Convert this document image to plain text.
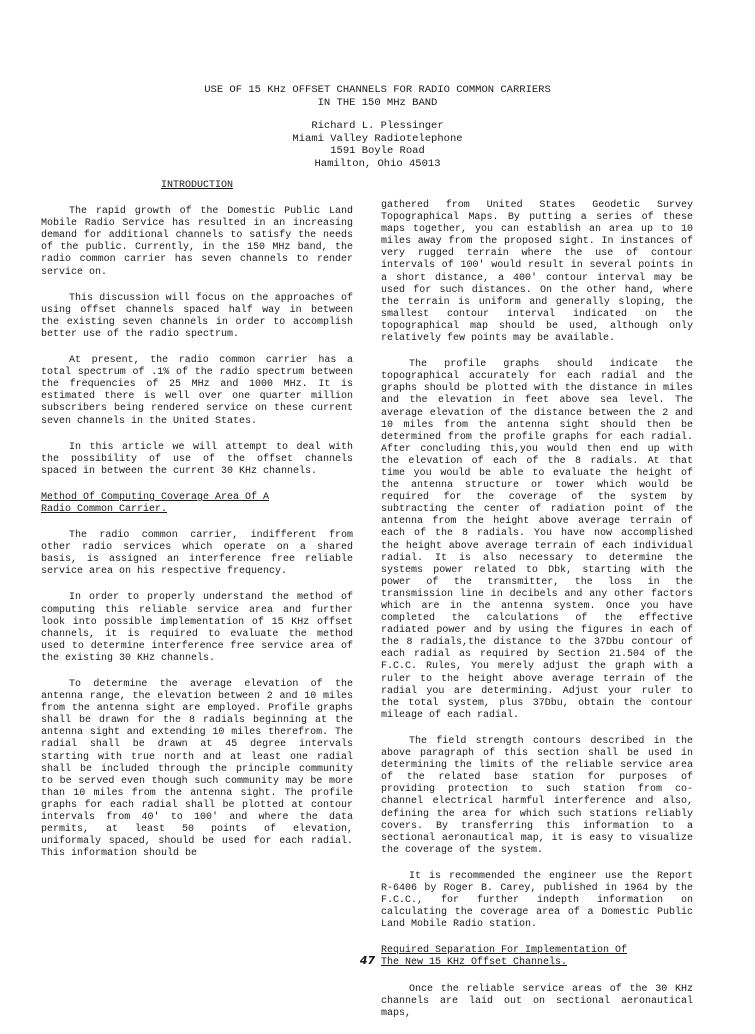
USE OF 15 KHz OFFSET CHANNELS FOR RADIO COMMON CARRIERS
IN THE 150 MHz BAND
Richard L. Plessinger
Miami Valley Radiotelephone
1591 Boyle Road
Hamilton, Ohio 45013
INTRODUCTION

The rapid growth of the Domestic Public Land Mobile Radio Service has resulted in an increasing demand for additional channels to satisfy the needs of the public. Currently, in the 150 MHz band, the radio common carrier has seven channels to render service on.

This discussion will focus on the approaches of using offset channels spaced half way in between the existing seven channels in order to accomplish better use of the radio spectrum.

At present, the radio common carrier has a total spectrum of .1% of the radio spectrum between the frequencies of 25 MHz and 1000 MHz. It is estimated there is well over one quarter million subscribers being rendered service on these current seven channels in the United States.

In this article we will attempt to deal with the possibility of use of the offset channels spaced in between the current 30 KHz channels.

Method Of Computing Coverage Area Of A Radio Common Carrier.

The radio common carrier, indifferent from other radio services which operate on a shared basis, is assigned an interference free reliable service area on his respective frequency.

In order to properly understand the method of computing this reliable service area and further look into possible implementation of 15 KHz offset channels, it is required to evaluate the method used to determine interference free service area of the existing 30 KHz channels.

To determine the average elevation of the antenna range, the elevation between 2 and 10 miles from the antenna sight are employed. Profile graphs shall be drawn for the 8 radials beginning at the antenna sight and extending 10 miles therefrom. The radial shall be drawn at 45 degree intervals starting with true north and at least one radial shall be included through the principle community to be served even though such community may be more than 10 miles from the antenna sight. The profile graphs for each radial shall be plotted at contour intervals from 40' to 100' and where the data permits, at least 50 points of elevation, uniformaly spaced, should be used for each radial. This information should be

gathered from United States Geodetic Survey Topographical Maps. By putting a series of these maps together, you can establish an area up to 10 miles away from the proposed sight. In instances of very rugged terrain where the use of contour intervals of 100' would result in several points in a short distance, a 400' contour interval may be used for such distances. On the other hand, where the terrain is uniform and generally sloping, the smallest contour interval indicated on the topographical map should be used, although only relatively few points may be available.

The profile graphs should indicate the topographical accurately for each radial and the graphs should be plotted with the distance in miles and the elevation in feet above sea level. The average elevation of the distance between the 2 and 10 miles from the antenna sight should then be determined from the profile graphs for each radial. After concluding this,you would then end up with the elevation of each of the 8 radials. At that time you would be able to evaluate the height of the antenna structure or tower which would be required for the coverage of the system by subtracting the center of radiation point of the antenna from the height above average terrain of each of the 8 radials. You have now accomplished the height above average terrain of each individual radial. It is also necessary to determine the systems power related to Dbk, starting with the power of the transmitter, the loss in the transmission line in decibels and any other factors which are in the antenna system. Once you have completed the calculations of the effective radiated power and by using the figures in each of the 8 radials,the distance to the 37Dbu contour of each radial as required by Section 21.504 of the F.C.C. Rules, You merely adjust the graph with a ruler to the height above average terrain of the radial you are determining. Adjust your ruler to the total system, plus 37Dbu, obtain the contour mileage of each radial.

The field strength contours described in the above paragraph of this section shall be used in determining the limits of the reliable service area of the related base station for purposes of providing protection to such station from co-channel electrical harmful interference and also, defining the area for which such stations reliably covers. By transferring this information to a sectional aeronautical map, it is easy to visualize the coverage of the system.

It is recommended the engineer use the Report R-6406 by Roger B. Carey, published in 1964 by the F.C.C., for further indepth information on calculating the coverage area of a Domestic Public Land Mobile Radio station.

Required Separation For Implementation Of The New 15 KHz Offset Channels.

Once the reliable service areas of the 30 KHz channels are laid out on sectional aeronautical maps,

47
